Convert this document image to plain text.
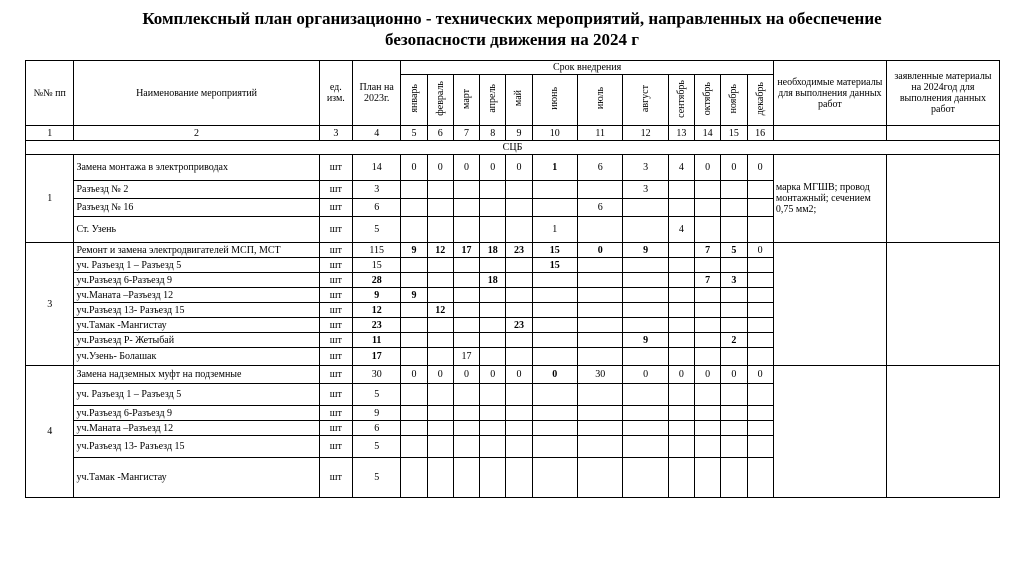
Комплексный план организационно - технических мероприятий, направленных на обеспечение
безопасности движения на 2024 г
№№ пп	Наименование мероприятий	ед. изм.	План на 2023г.	Срок внедрения												необходимые материалы для выполнения данных работ	заявленные материалы на 2024год для выполнения данных работ
				январь	февраль	март	апрель	май	июнь	июль	август	сентябрь	октябрь	ноябрь	декабрь		
1	2	3	4	5	6	7	8	9	10	11	12	13	14	15	16		
СЦБ																	
1	Замена монтажа в электроприводах	шт	14	0	0	0	0	0	1	6	3	4	0	0	0	марка МГШВ; провод монтажный; сечением 0,75 мм2;	
	Разъезд № 2	шт	3								3						
	Разъезд № 16	шт	6							6							
	Ст. Узень	шт	5						1			4					
3	Ремонт и замена электродвигателей МСП, МСТ	шт	115	9	12	17	18	23	15	0	9		7	5	0		
	уч. Разъезд 1 – Разъезд 5	шт	15						15								
	уч.Разъезд 6-Разъезд 9	шт	28				18						7	3			
	уч.Маната –Разъезд 12	шт	9	9													
	уч.Разъезд 13- Разъезд 15	шт	12		12												
	уч.Тамак -Мангистау	шт	23					23									
	уч.Разъезд Р- Жетыбай	шт	11								9			2			
	уч.Узень- Болашак	шт	17			17											
4	Замена надземных муфт на подземные	шт	30	0	0	0	0	0	0	30	0	0	0	0	0		
	уч. Разъезд 1 – Разъезд 5	шт	5														
	уч.Разъезд 6-Разъезд 9	шт	9														
	уч.Маната –Разъезд 12	шт	6														
	уч.Разъезд 13- Разъезд 15	шт	5														
	уч.Тамак -Мангистау	шт	5														
